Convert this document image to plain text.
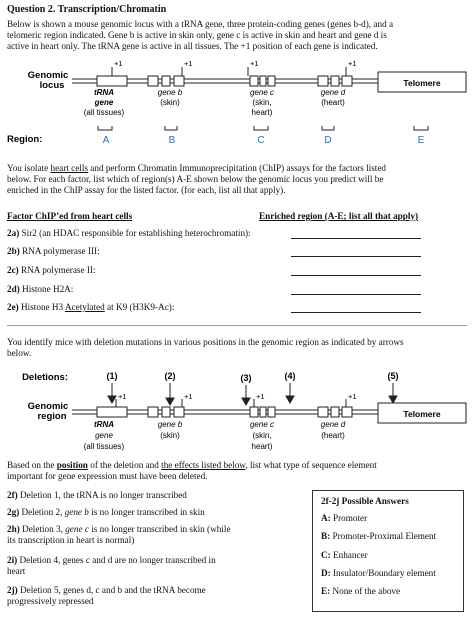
Question 2. Transcription/Chromatin
Below is shown a mouse genomic locus with a tRNA gene, three protein-coding genes (genes b-d), and a
telomeric region indicated. Gene b is active in skin only, gene c is active in skin and heart and gene d is
active in heart only. The tRNA gene is active in all tissues. The +1 position of each gene is indicated.
Genomic
locus	Telomere
+1	+1	+1	+1
tRNA
gene
(all tissues)
gene b
(skin)
gene c
(skin,
heart)
gene d
(heart)
Region:	A	B	C	D	E
You isolate heart cells and perform Chromatin Immunoprecipitation (ChIP) assays for the factors listed
below. For each factor, list which of region(s) A-E shown below the genomic locus you predict will be
enriched in the ChIP assay for the listed factor. (for each, list all that apply).
Factor ChIP’ed from heart cells	Enriched region (A-E; list all that apply)
2a) Sir2 (an HDAC responsible for establishing heterochromatin):
2b) RNA polymerase III:
2c) RNA polymerase II:
2d) Histone H2A:
2e) Histone H3 Acetylated at K9 (H3K9-Ac):
You identify mice with deletion mutations in various positions in the genomic region as indicated by arrows
below.
Deletions:	(1)	(2)	(3)	(4)	(5)
Genomic
region	Telomere
+1	+1	+1	+1
tRNA
gene
(all tissues)
gene b
(skin)
gene c
(skin,
heart)
gene d
(heart)
Based on the position of the deletion and the effects listed below, list what type of sequence element
important for gene expression must have been deleted.
2f) Deletion 1, the tRNA is no longer transcribed
2g) Deletion 2, gene b is no longer transcribed in skin
2h) Deletion 3, gene c is no longer transcribed in skin (while
its transcription in heart is normal)
2i) Deletion 4, genes c and d are no longer transcribed in
heart
2j) Deletion 5, genes d, c and b and the tRNA become
progressively repressed
2f-2j Possible Answers
A: Promoter
B: Promoter-Proximal Element
C: Enhancer
D: Insulator/Boundary element
E: None of the above
